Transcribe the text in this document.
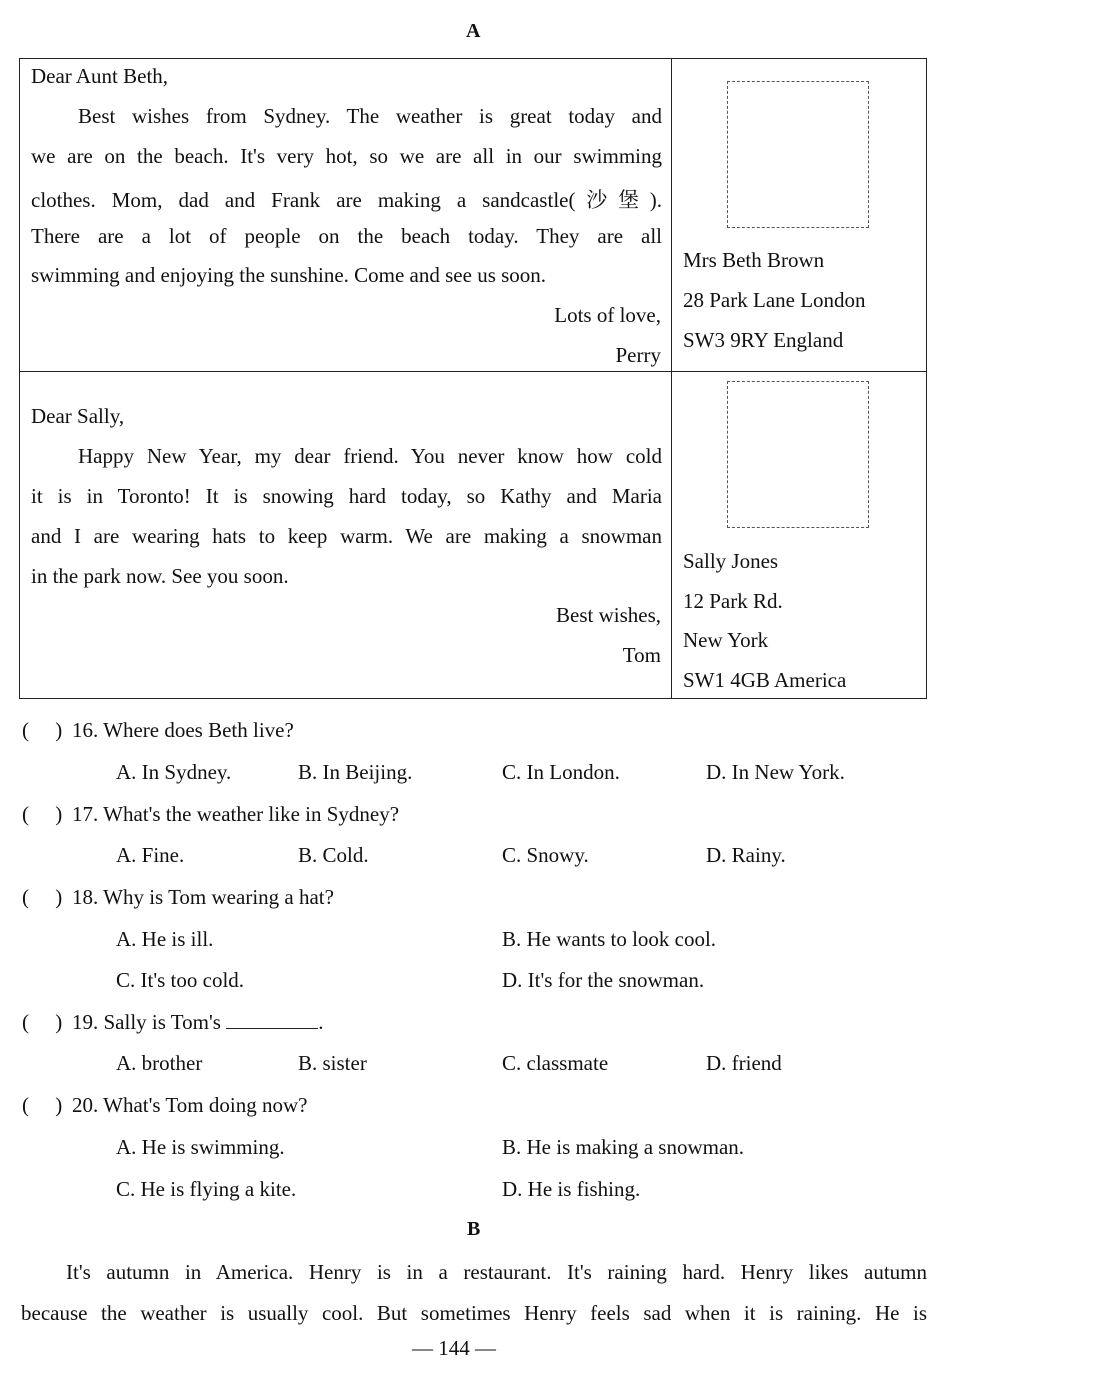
A
Dear Aunt Beth,
Best wishes from Sydney. The weather is great today and
we are on the beach. It's very hot, so we are all in our swimming
clothes. Mom, dad and Frank are making a sandcastle(沙堡).
There are a lot of people on the beach today. They are all
swimming and enjoying the sunshine. Come and see us soon.
Lots of love,
Perry
Mrs Beth Brown
28 Park Lane London
SW3 9RY England
Dear Sally,
Happy New Year, my dear friend. You never know how cold
it is in Toronto! It is snowing hard today, so Kathy and Maria
and I are wearing hats to keep warm. We are making a snowman
in the park now. See you soon.
Best wishes,
Tom
Sally Jones
12 Park Rd.
New York
SW1 4GB America
(     ) 16. Where does Beth live?
A. In Sydney.	B. In Beijing.	C. In London.	D. In New York.
(     ) 17. What's the weather like in Sydney?
A. Fine.	B. Cold.	C. Snowy.	D. Rainy.
(     ) 18. Why is Tom wearing a hat?
A. He is ill.	B. He wants to look cool.
C. It's too cold.	D. It's for the snowman.
(     ) 19. Sally is Tom's	.
A. brother	B. sister	C. classmate	D. friend
(     ) 20. What's Tom doing now?
A. He is swimming.	B. He is making a snowman.
C. He is flying a kite.	D. He is fishing.
B
It's autumn in America. Henry is in a restaurant. It's raining hard. Henry likes autumn
because the weather is usually cool. But sometimes Henry feels sad when it is raining. He is
— 144 —
